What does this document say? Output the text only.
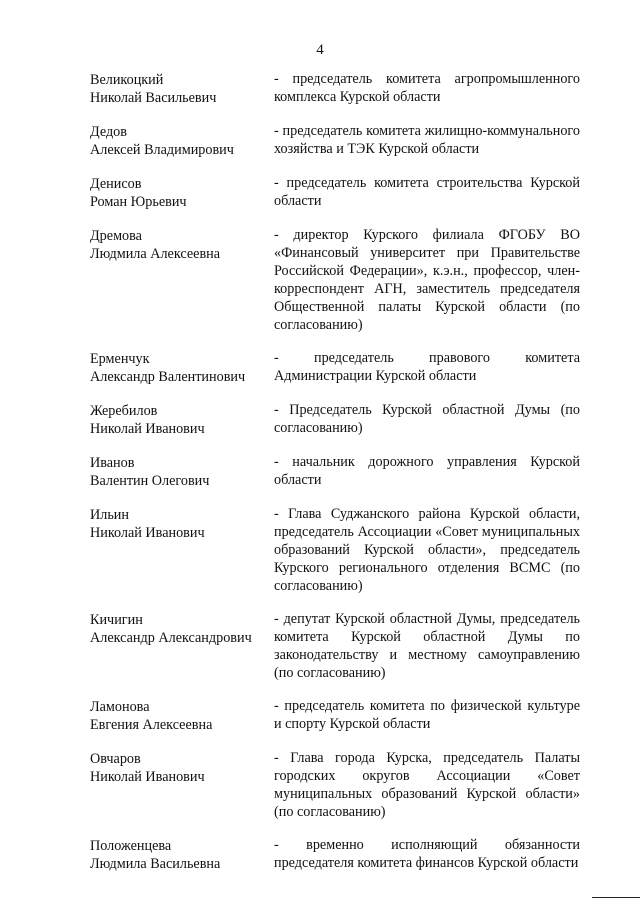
4
Великоцкий
Николай Васильевич
- председатель комитета агропромышленного комплекса Курской области
Дедов
Алексей Владимирович
- председатель комитета жилищно-коммунального хозяйства и ТЭК Курской области
Денисов
Роман Юрьевич
- председатель комитета строительства Курской области
Дремова
Людмила Алексеевна
- директор Курского филиала ФГОБУ ВО «Финансовый университет при Правительстве Российской Федерации», к.э.н., профессор, член-корреспондент АГН, заместитель председателя Общественной палаты Курской области (по согласованию)
Ерменчук
Александр Валентинович
- председатель правового комитета Администрации Курской области
Жеребилов
Николай Иванович
- Председатель Курской областной Думы (по согласованию)
Иванов
Валентин Олегович
- начальник дорожного управления Курской области
Ильин
Николай Иванович
- Глава Суджанского района Курской области, председатель Ассоциации «Совет муниципальных образований Курской области», председатель Курского регионального отделения ВСМС (по согласованию)
Кичигин
Александр Александрович
- депутат Курской областной Думы, председатель комитета Курской областной Думы по законодательству и местному самоуправлению (по согласованию)
Ламонова
Евгения Алексеевна
- председатель комитета по физической культуре и спорту Курской области
Овчаров
Николай Иванович
- Глава города Курска, председатель Палаты городских округов Ассоциации «Совет муниципальных образований Курской области» (по согласованию)
Положенцева
Людмила Васильевна
- временно исполняющий обязанности председателя комитета финансов Курской области
